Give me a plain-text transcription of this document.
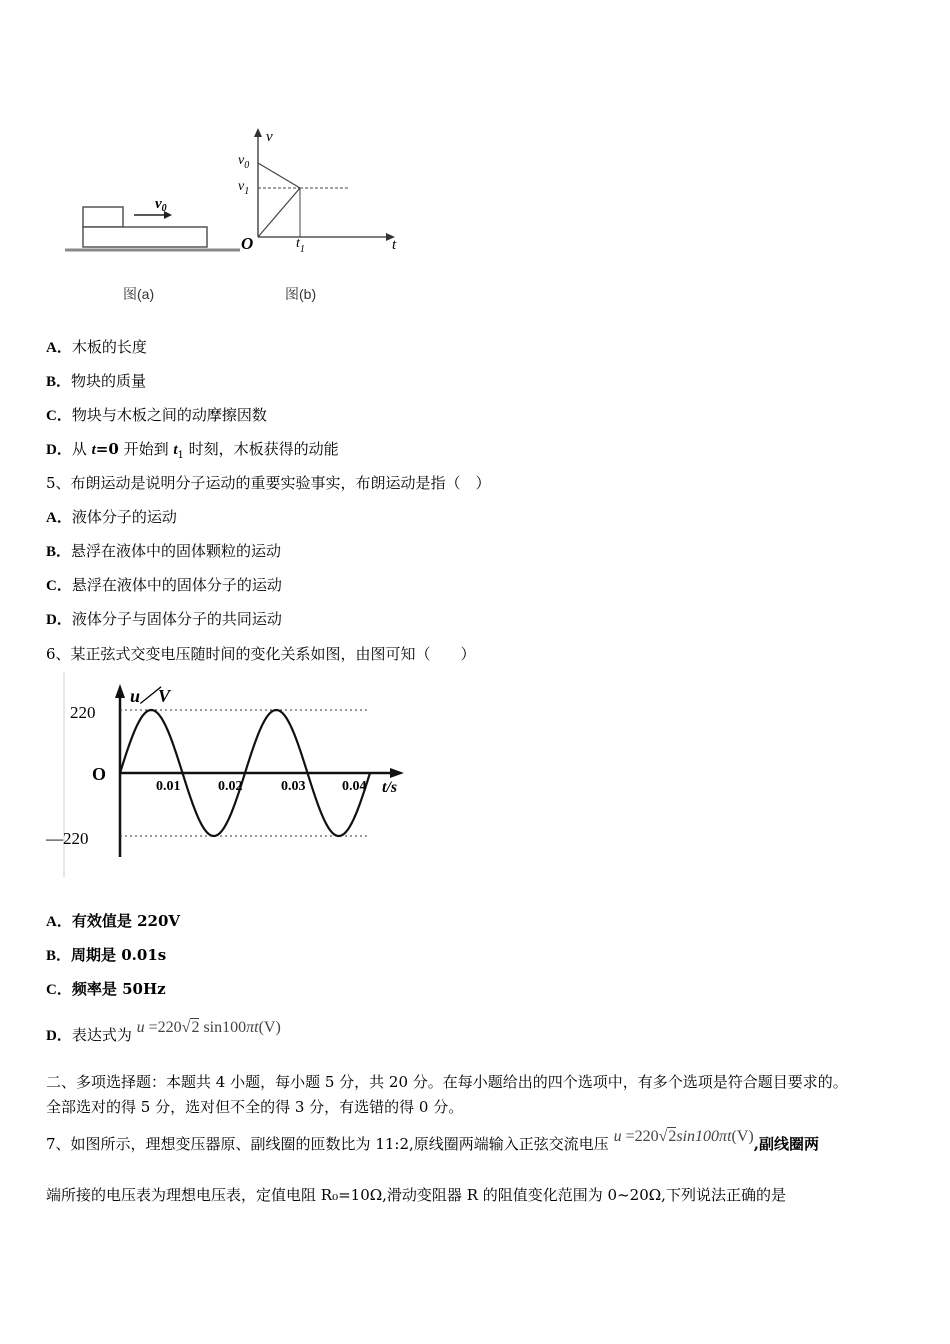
$v_0$
图(a)
v
t
O
$v_0$
$v_1$
$t_1$
图(b)
A．木板的长度
B．物块的质量
C．物块与木板之间的动摩擦因数
D．从 t=0 开始到 $t_1$ 时刻，木板获得的动能
5、布朗运动是说明分子运动的重要实验事实，布朗运动是指（　）
A．液体分子的运动
B．悬浮在液体中的固体颗粒的运动
C．悬浮在液体中的固体分子的运动
D．液体分子与固体分子的共同运动
6、某正弦式交变电压随时间的变化关系如图，由图可知（　　）
u／V
t/s
O
220
—220
0.01	0.02	0.03	0.04
A．有效值是 220V
B．周期是 0.01s
C．频率是 50Hz
D．表达式为 u =220√2 sin100πt(V)
二、多项选择题：本题共 4 小题，每小题 5 分，共 20 分。在每小题给出的四个选项中，有多个选项是符合题目要求的。
全部选对的得 5 分，选对但不全的得 3 分，有选错的得 0 分。
7、如图所示，理想变压器原、副线圈的匝数比为 11:2,原线圈两端输入正弦交流电压 u =220√2sin100πt(V),副线圈两
端所接的电压表为理想电压表，定值电阻 R₀=10Ω,滑动变阻器 R 的阻值变化范围为 0~20Ω,下列说法正确的是
